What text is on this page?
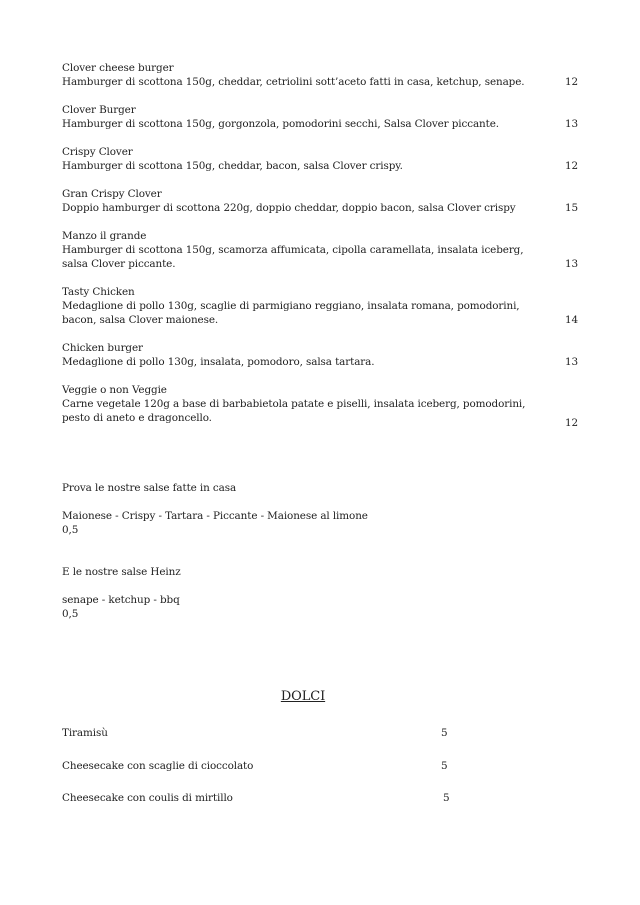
Clover cheese burger
Hamburger di scottona 150g, cheddar, cetriolini sott’aceto fatti in casa, ketchup, senape.	12
Clover Burger
Hamburger di scottona 150g, gorgonzola, pomodorini secchi, Salsa Clover piccante.	13
Crispy Clover
Hamburger di scottona 150g, cheddar, bacon, salsa Clover crispy.	12
Gran Crispy Clover
Doppio hamburger di scottona 220g, doppio cheddar, doppio bacon, salsa Clover crispy	15
Manzo il grande
Hamburger di scottona 150g, scamorza affumicata, cipolla caramellata, insalata iceberg,
salsa Clover piccante.	13
Tasty Chicken
Medaglione di pollo 130g, scaglie di parmigiano reggiano, insalata romana, pomodorini,
bacon, salsa Clover maionese.	14
Chicken burger
Medaglione di pollo 130g, insalata, pomodoro, salsa tartara.	13
Veggie o non Veggie
Carne vegetale 120g a base di barbabietola patate e piselli, insalata iceberg, pomodorini,
pesto di aneto e dragoncello.	12
Prova le nostre salse fatte in casa
Maionese - Crispy - Tartara - Piccante - Maionese al limone
0,5
E le nostre salse Heinz
senape - ketchup - bbq
0,5
DOLCI
Tiramisù	5
Cheesecake con scaglie di cioccolato	5
Cheesecake con coulis di mirtillo	5
